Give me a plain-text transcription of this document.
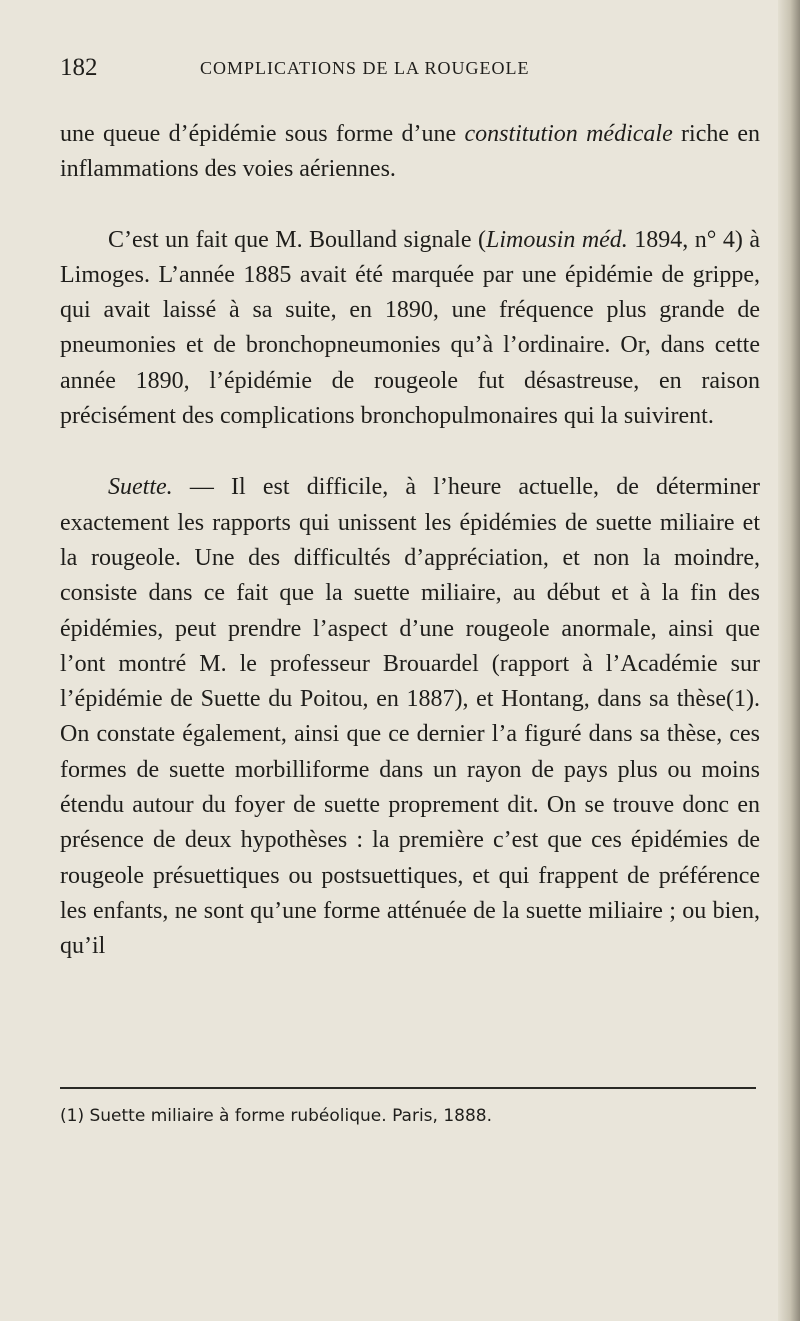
182	COMPLICATIONS DE LA ROUGEOLE

une queue d’épidémie sous forme d’une constitution médicale riche en inflammations des voies aériennes.

C’est un fait que M. Boulland signale (Limousin méd. 1894, n° 4) à Limoges. L’année 1885 avait été marquée par une épidémie de grippe, qui avait laissé à sa suite, en 1890, une fréquence plus grande de pneumonies et de bronchopneumonies qu’à l’ordinaire. Or, dans cette année 1890, l’épidémie de rougeole fut désastreuse, en raison précisément des complications bronchopulmonaires qui la suivirent.

Suette. — Il est difficile, à l’heure actuelle, de déterminer exactement les rapports qui unissent les épidémies de suette miliaire et la rougeole. Une des difficultés d’appréciation, et non la moindre, consiste dans ce fait que la suette miliaire, au début et à la fin des épidémies, peut prendre l’aspect d’une rougeole anormale, ainsi que l’ont montré M. le professeur Brouardel (rapport à l’Académie sur l’épidémie de Suette du Poitou, en 1887), et Hontang, dans sa thèse(1). On constate également, ainsi que ce dernier l’a figuré dans sa thèse, ces formes de suette morbilliforme dans un rayon de pays plus ou moins étendu autour du foyer de suette proprement dit. On se trouve donc en présence de deux hypothèses : la première c’est que ces épidémies de rougeole présuettiques ou postsuettiques, et qui frappent de préférence les enfants, ne sont qu’une forme atténuée de la suette miliaire ; ou bien, qu’il

(1) Suette miliaire à forme rubéolique. Paris, 1888.
